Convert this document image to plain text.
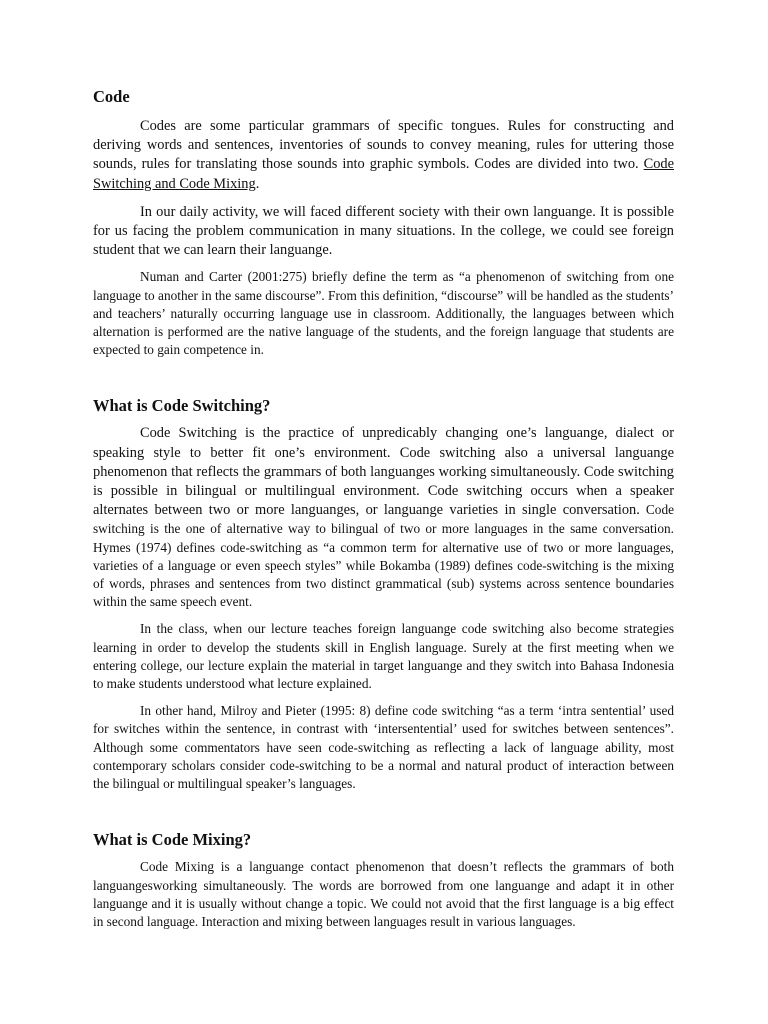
Code

Codes are some particular grammars of specific tongues. Rules for constructing and deriving words and sentences, inventories of sounds to convey meaning, rules for uttering those sounds, rules for translating those sounds into graphic symbols. Codes are divided into two. Code Switching and Code Mixing.

In our daily activity, we will faced different society with their own languange. It is possible for us facing the problem communication in many situations. In the college, we could see foreign student that we can learn their languange.

Numan and Carter (2001:275) briefly define the term as “a phenomenon of switching from one language to another in the same discourse”. From this definition, “discourse” will be handled as the students’ and teachers’ naturally occurring language use in classroom. Additionally, the languages between which alternation is performed are the native language of the students, and the foreign language that students are expected to gain competence in.

What is Code Switching?

Code Switching is the practice of unpredicably changing one’s languange, dialect or speaking style to better fit one’s environment. Code switching also a universal languange phenomenon that reflects the grammars of both languanges working simultaneously. Code switching is possible in bilingual or multilingual environment. Code switching occurs when a speaker alternates between two or more languanges, or languange varieties in single conversation. Code switching is the one of alternative way to bilingual of two or more languages in the same conversation. Hymes (1974) defines code-switching as “a common term for alternative use of two or more languages, varieties of a language or even speech styles” while Bokamba (1989) defines code-switching is the mixing of words, phrases and sentences from two distinct grammatical (sub) systems across sentence boundaries within the same speech event.

In the class, when our lecture teaches foreign languange code switching also become strategies learning in order to develop the students skill in English language. Surely at the first meeting when we entering college, our lecture explain the material in target languange and they switch into Bahasa Indonesia to make students understood what lecture explained.

In other hand, Milroy and Pieter (1995: 8) define code switching “as a term ‘intra sentential’ used for switches within the sentence, in contrast with ‘intersentential’ used for switches between sentences”. Although some commentators have seen code-switching as reflecting a lack of language ability, most contemporary scholars consider code-switching to be a normal and natural product of interaction between the bilingual or multilingual speaker’s languages.

What is Code Mixing?

Code Mixing is a languange contact phenomenon that doesn’t reflects the grammars of both languangesworking simultaneously. The words are borrowed from one languange and adapt it in other languange and it is usually without change a topic. We could not avoid that the first language is a big effect in second language. Interaction and mixing between languages result in various languages.
